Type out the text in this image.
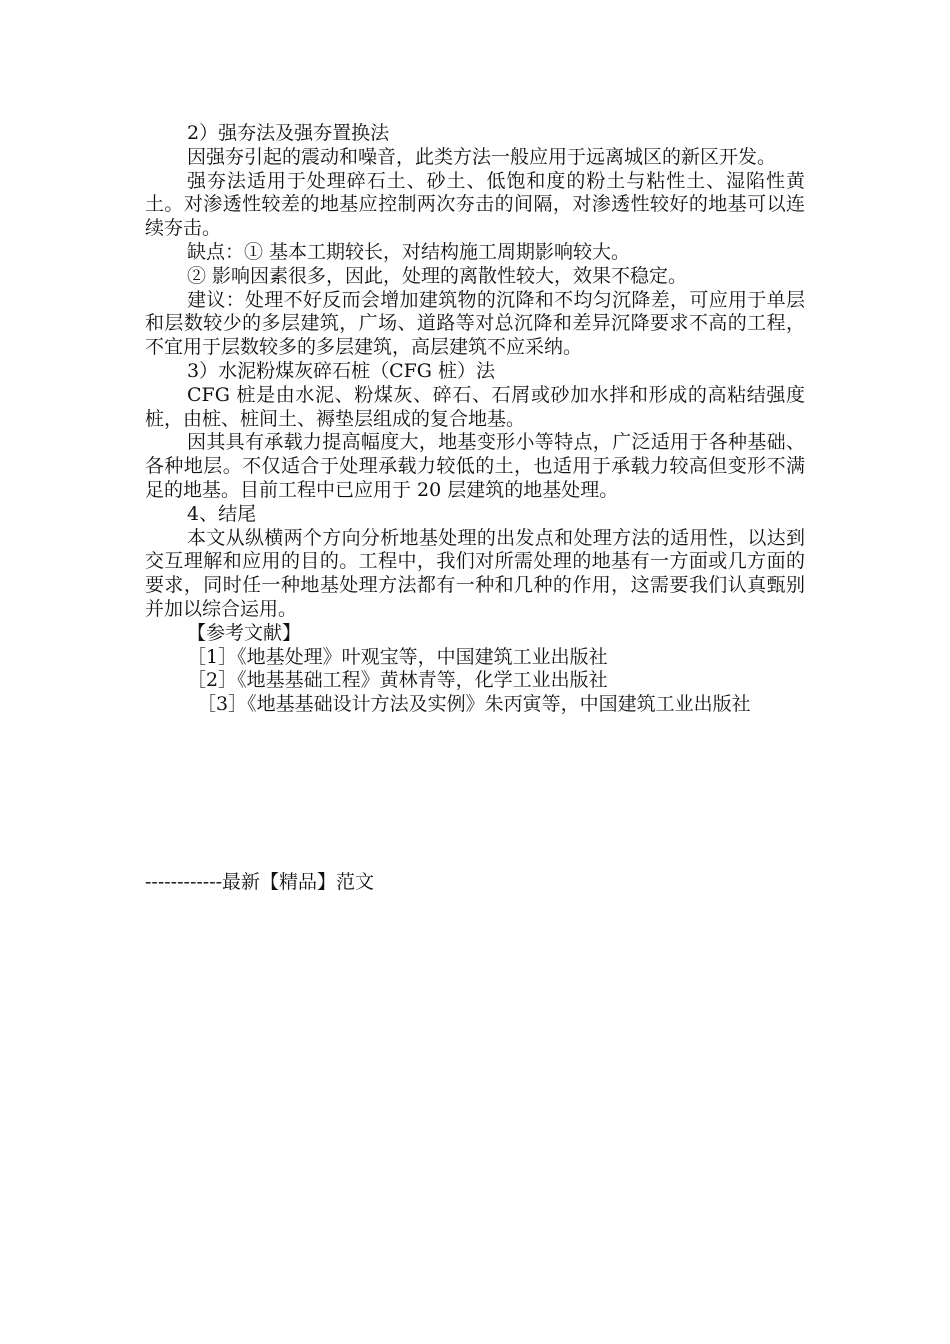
2）强夯法及强夯置换法

因强夯引起的震动和噪音，此类方法一般应用于远离城区的新区开发。

强夯法适用于处理碎石土、砂土、低饱和度的粉土与粘性土、湿陷性黄土。对渗透性较差的地基应控制两次夯击的间隔，对渗透性较好的地基可以连续夯击。

缺点：① 基本工期较长，对结构施工周期影响较大。

② 影响因素很多，因此，处理的离散性较大，效果不稳定。

建议：处理不好反而会增加建筑物的沉降和不均匀沉降差，可应用于单层和层数较少的多层建筑，广场、道路等对总沉降和差异沉降要求不高的工程，不宜用于层数较多的多层建筑，高层建筑不应采纳。

3）水泥粉煤灰碎石桩（CFG 桩）法

CFG 桩是由水泥、粉煤灰、碎石、石屑或砂加水拌和形成的高粘结强度桩，由桩、桩间土、褥垫层组成的复合地基。

因其具有承载力提高幅度大，地基变形小等特点，广泛适用于各种基础、各种地层。不仅适合于处理承载力较低的土，也适用于承载力较高但变形不满足的地基。目前工程中已应用于 20 层建筑的地基处理。

4、结尾

本文从纵横两个方向分析地基处理的出发点和处理方法的适用性，以达到交互理解和应用的目的。工程中，我们对所需处理的地基有一方面或几方面的要求，同时任一种地基处理方法都有一种和几种的作用，这需要我们认真甄别并加以综合运用。

【参考文献】

［1］《地基处理》叶观宝等，中国建筑工业出版社

［2］《地基基础工程》黄林青等，化学工业出版社

［3］《地基基础设计方法及实例》朱丙寅等，中国建筑工业出版社

------------最新【精品】范文
